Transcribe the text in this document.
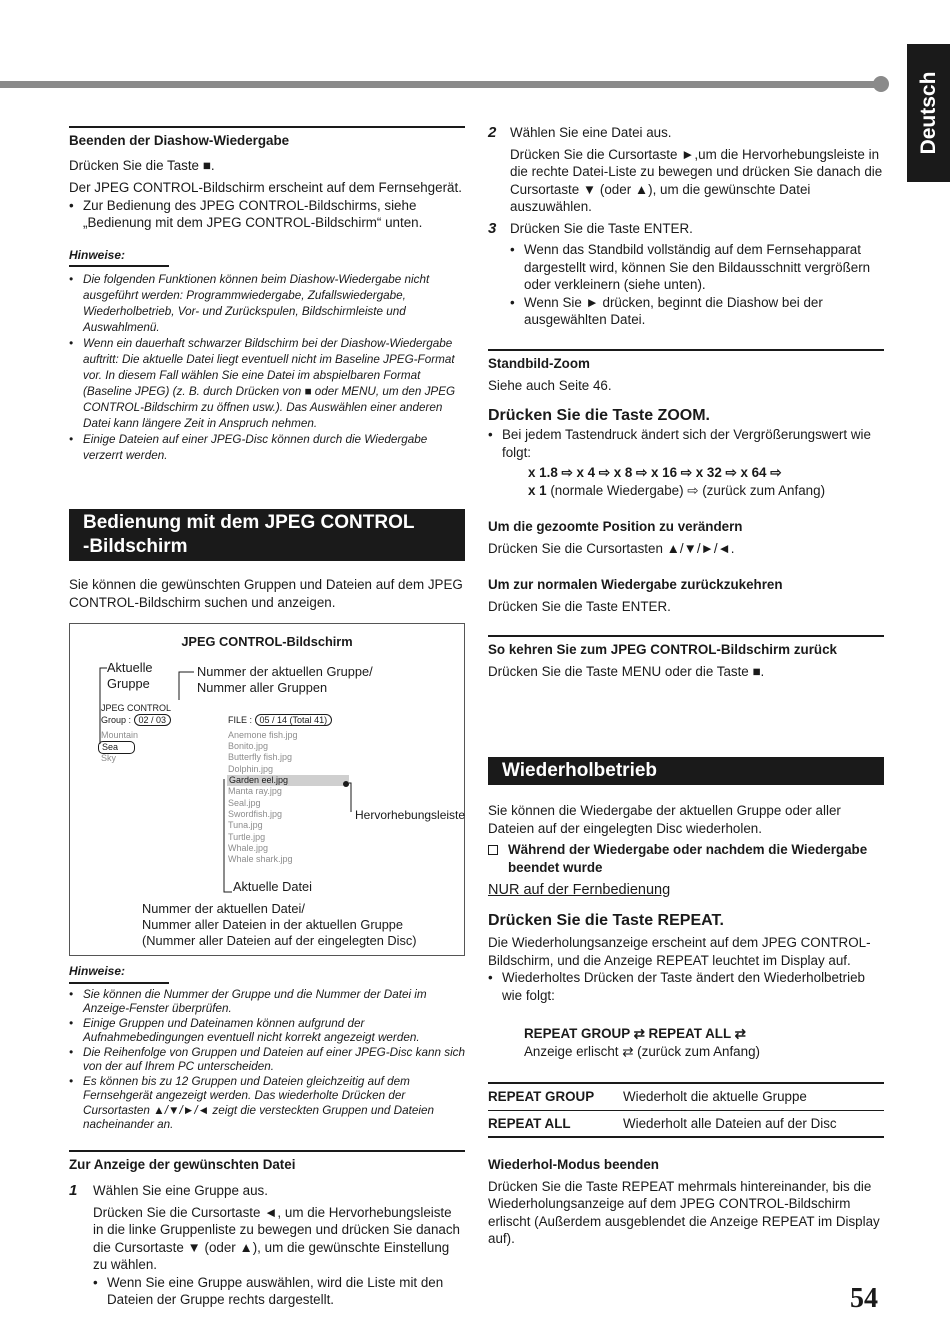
Deutsch
Beenden der Diashow-Wiedergabe

Drücken Sie die Taste ■.

Der JPEG CONTROL-Bildschirm erscheint auf dem Fernsehgerät.

• Zur Bedienung des JPEG CONTROL-Bildschirms, siehe „Bedienung mit dem JPEG CONTROL-Bildschirm“ unten.
Hinweise:
• Die folgenden Funktionen können beim Diashow-Wiedergabe nicht ausgeführt werden: Programmwiedergabe, Zufallswiedergabe, Wiederholbetrieb, Vor- und Zurückspulen, Bildschirmleiste und Auswahlmenü.
• Wenn ein dauerhaft schwarzer Bildschirm bei der Diashow-Wiedergabe auftritt: Die aktuelle Datei liegt eventuell nicht im Baseline JPEG-Format vor. In diesem Fall wählen Sie eine Datei im abspielbaren Format (Baseline JPEG) (z. B. durch Drücken von ■ oder MENU, um den JPEG CONTROL-Bildschirm zu öffnen usw.). Das Auswählen einer anderen Datei kann längere Zeit in Anspruch nehmen.
• Einige Dateien auf einer JPEG-Disc können durch die Wiedergabe verzerrt werden.
Bedienung mit dem JPEG CONTROL
-Bildschirm

Sie können die gewünschten Gruppen und Dateien auf dem JPEG CONTROL-Bildschirm suchen und anzeigen.

JPEG CONTROL-Bildschirm
Aktuelle
Gruppe
Nummer der aktuellen Gruppe/
Nummer aller Gruppen
JPEG CONTROL
Group : 02 / 03	FILE : 05 / 14 (Total 41)
Mountain
Sea
Sky
Anemone fish.jpg
Bonito.jpg
Butterfly fish.jpg
Dolphin.jpg
Garden eel.jpg
Manta ray.jpg
Seal.jpg
Swordfish.jpg
Tuna.jpg
Turtle.jpg
Whale.jpg
Whale shark.jpg
Hervorhebungsleiste
Aktuelle Datei
Nummer der aktuellen Datei/
Nummer aller Dateien in der aktuellen Gruppe
(Nummer aller Dateien auf der eingelegten Disc)
Hinweise:
• Sie können die Nummer der Gruppe und die Nummer der Datei im Anzeige-Fenster überprüfen.
• Einige Gruppen und Dateinamen können aufgrund der Aufnahmebedingungen eventuell nicht korrekt angezeigt werden.
• Die Reihenfolge von Gruppen und Dateien auf einer JPEG-Disc kann sich von der auf Ihrem PC unterscheiden.
• Es können bis zu 12 Gruppen und Dateien gleichzeitig auf dem Fernsehgerät angezeigt werden. Das wiederholte Drücken der Cursortasten ▲/▼/►/◄ zeigt die versteckten Gruppen und Dateien nacheinander an.
Zur Anzeige der gewünschten Datei
1 Wählen Sie eine Gruppe aus.

Drücken Sie die Cursortaste ◄, um die Hervorhebungsleiste in die linke Gruppenliste zu bewegen und drücken Sie danach die Cursortaste ▼ (oder ▲), um die gewünschte Einstellung zu wählen.

• Wenn Sie eine Gruppe auswählen, wird die Liste mit den Dateien der Gruppe rechts dargestellt.
2 Wählen Sie eine Datei aus.

Drücken Sie die Cursortaste ►,um die Hervorhebungsleiste in die rechte Datei-Liste zu bewegen und drücken Sie danach die Cursortaste ▼ (oder ▲), um die gewünschte Datei auszuwählen.

3 Drücken Sie die Taste ENTER.

• Wenn das Standbild vollständig auf dem Fernsehapparat dargestellt wird, können Sie den Bildausschnitt vergrößern oder verkleinern (siehe unten).
• Wenn Sie ► drücken, beginnt die Diashow bei der ausgewählten Datei.
Standbild-Zoom

Siehe auch Seite 46.

Drücken Sie die Taste ZOOM.

• Bei jedem Tastendruck ändert sich der Vergrößerungswert wie folgt:

x 1.8 ⇨ x 4 ⇨ x 8 ⇨ x 16 ⇨ x 32 ⇨ x 64 ⇨

x 1 (normale Wiedergabe) ⇨ (zurück zum Anfang)

Um die gezoomte Position zu verändern

Drücken Sie die Cursortasten ▲/▼/►/◄.

Um zur normalen Wiedergabe zurückzukehren

Drücken Sie die Taste ENTER.

So kehren Sie zum JPEG CONTROL-Bildschirm zurück

Drücken Sie die Taste MENU oder die Taste ■.

Wiederholbetrieb

Sie können die Wiedergabe der aktuellen Gruppe oder aller Dateien auf der eingelegten Disc wiederholen.

Während der Wiedergabe oder nachdem die Wiedergabe beendet wurde

NUR auf der Fernbedienung

Drücken Sie die Taste REPEAT.

Die Wiederholungsanzeige erscheint auf dem JPEG CONTROL-Bildschirm, und die Anzeige REPEAT leuchtet im Display auf.

• Wiederholtes Drücken der Taste ändert den Wiederholbetrieb wie folgt:

REPEAT GROUP ⇄ REPEAT ALL ⇄

Anzeige erlischt ⇄ (zurück zum Anfang)

REPEAT GROUP	Wiederholt die aktuelle Gruppe
REPEAT ALL	Wiederholt alle Dateien auf der Disc

Wiederhol-Modus beenden

Drücken Sie die Taste REPEAT mehrmals hintereinander, bis die Wiederholungsanzeige auf dem JPEG CONTROL-Bildschirm erlischt (Außerdem ausgeblendet die Anzeige REPEAT im Display auf).

54
